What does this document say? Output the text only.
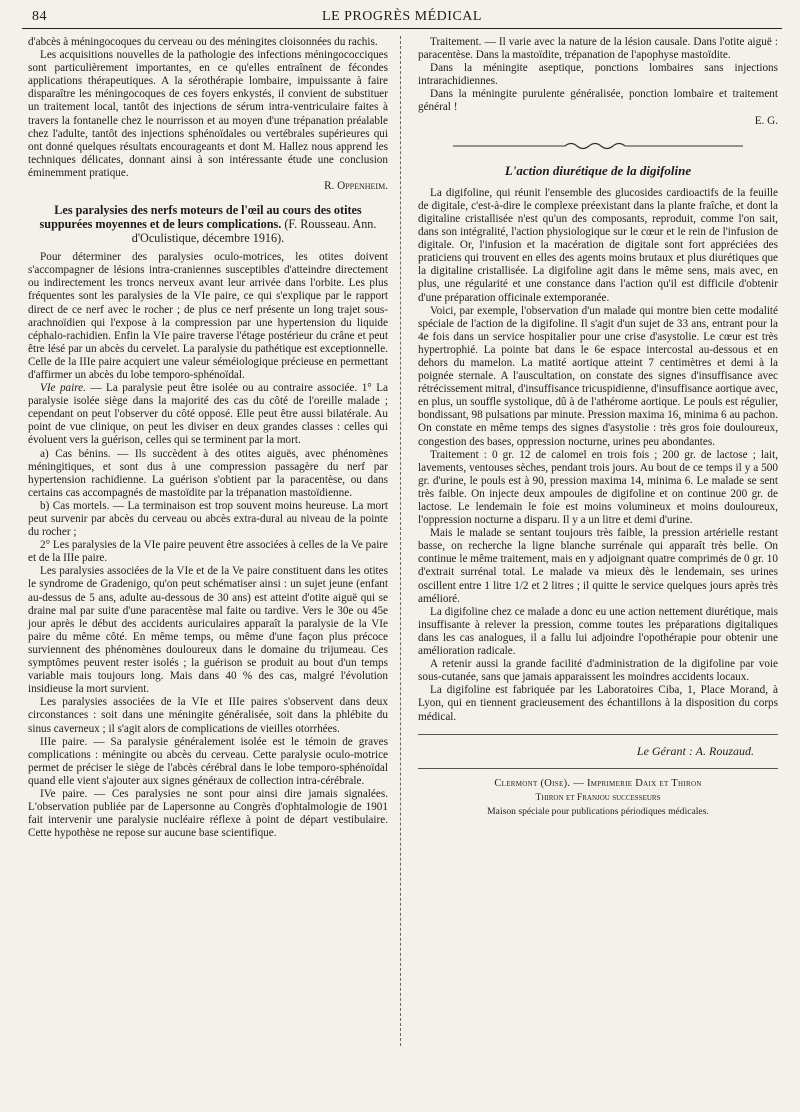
84	LE PROGRÈS MÉDICAL

d'abcès à méningocoques du cerveau ou des méningites cloisonnées du rachis.

Les acquisitions nouvelles de la pathologie des infections méningococciques sont particulièrement importantes, en ce qu'elles entraînent de fécondes applications thérapeutiques. A la sérothérapie lombaire, impuissante à faire disparaître les méningocoques de ces foyers enkystés, il convient de substituer un traitement local, tantôt des injections de sérum intra-ventriculaire faites à travers la fontanelle chez le nourrisson et au moyen d'une trépanation préalable chez l'adulte, tantôt des injections sphénoïdales ou vertébrales supérieures qui ont donné quelques résultats encourageants et dont M. Hallez nous apprend les techniques délicates, donnant ainsi à son intéressante étude une conclusion éminemment pratique.

R. Oppenheim.
Les paralysies des nerfs moteurs de l'œil au cours des otites suppurées moyennes et de leurs complications. (F. Rousseau. Ann. d'Oculistique, décembre 1916).

Pour déterminer des paralysies oculo-motrices, les otites doivent s'accompagner de lésions intra-craniennes susceptibles d'atteindre directement ou indirectement les troncs nerveux avant leur arrivée dans l'orbite. Les plus fréquentes sont les paralysies de la VIe paire, ce qui s'explique par le rapport direct de ce nerf avec le rocher ; de plus ce nerf présente un long trajet sous-arachnoïdien qui l'expose à la compression par une hypertension du liquide céphalo-rachidien. Enfin la VIe paire traverse l'étage postérieur du crâne et peut être lésé par un abcès du cervelet. La paralysie du pathétique est exceptionnelle. Celle de la IIIe paire acquiert une valeur séméiologique précieuse en permettant d'affirmer un abcès du lobe temporo-sphénoïdal.

VIe paire. — La paralysie peut être isolée ou au contraire associée. 1° La paralysie isolée siège dans la majorité des cas du côté de l'oreille malade ; cependant on peut l'observer du côté opposé. Elle peut être aussi bilatérale. Au point de vue clinique, on peut les diviser en deux grandes classes : celles qui évoluent vers la guérison, celles qui se terminent par la mort.

a) Cas bénins. — Ils succèdent à des otites aiguës, avec phénomènes méningitiques, et sont dus à une compression passagère du nerf par hypertension rachidienne. La guérison s'obtient par la paracentèse, ou dans certains cas accompagnés de mastoïdite par la trépanation mastoïdienne.

b) Cas mortels. — La terminaison est trop souvent moins heureuse. La mort peut survenir par abcès du cerveau ou abcès extra-dural au niveau de la pointe du rocher ;

2° Les paralysies de la VIe paire peuvent être associées à celles de la Ve paire et de la IIIe paire.

Les paralysies associées de la VIe et de la Ve paire constituent dans les otites le syndrome de Gradenigo, qu'on peut schématiser ainsi : un sujet jeune (enfant au-dessus de 5 ans, adulte au-dessous de 30 ans) est atteint d'otite aiguë qui se draine mal par suite d'une paracentèse mal faite ou tardive. Vers le 30e ou 45e jour après le début des accidents auriculaires apparaît la paralysie de la VIe paire du même côté. En même temps, ou même d'une façon plus précoce surviennent des phénomènes douloureux dans le domaine du trijumeau. Ces symptômes peuvent rester isolés ; la guérison se produit au bout d'un temps variable mais toujours long. Mais dans 40 % des cas, malgré l'évolution insidieuse la mort survient.

Les paralysies associées de la VIe et IIIe paires s'observent dans deux circonstances : soit dans une méningite généralisée, soit dans la phlébite du sinus caverneux ; il s'agit alors de complications de vieilles otorrhées.

IIIe paire. — Sa paralysie généralement isolée est le témoin de graves complications : méningite ou abcès du cerveau. Cette paralysie oculo-motrice permet de préciser le siège de l'abcès cérébral dans le lobe temporo-sphénoïdal quand elle vient s'ajouter aux signes généraux de collection intra-cérébrale.

IVe paire. — Ces paralysies ne sont pour ainsi dire jamais signalées. L'observation publiée par de Lapersonne au Congrès d'ophtalmologie de 1901 fait intervenir une paralysie nucléaire réflexe à point de départ vestibulaire. Cette hypothèse ne repose sur aucune base scientifique.

Traitement. — Il varie avec la nature de la lésion causale. Dans l'otite aiguë : paracentèse. Dans la mastoïdite, trépanation de l'apophyse mastoïdite.

Dans la méningite aseptique, ponctions lombaires sans injections intrarachidiennes.

Dans la méningite purulente généralisée, ponction lombaire et traitement général !

E. G.
L'action diurétique de la digifoline

La digifoline, qui réunit l'ensemble des glucosides cardioactifs de la feuille de digitale, c'est-à-dire le complexe préexistant dans la plante fraîche, et dont la digitaline cristallisée n'est qu'un des composants, reproduit, comme l'on sait, dans son intégralité, l'action physiologique sur le cœur et le rein de l'infusion de digitale. Or, l'infusion et la macération de digitale sont fort appréciées des praticiens qui trouvent en elles des agents moins brutaux et plus diurétiques que la digitaline cristallisée. La digifoline agit dans le même sens, mais avec, en plus, une régularité et une constance dans l'action qu'il est difficile d'obtenir d'une préparation officinale extemporanée.

Voici, par exemple, l'observation d'un malade qui montre bien cette modalité spéciale de l'action de la digifoline. Il s'agit d'un sujet de 33 ans, entrant pour la 4e fois dans un service hospitalier pour une crise d'asystolie. Le cœur est très hypertrophié. La pointe bat dans le 6e espace intercostal au-dessous et en dehors du mamelon. La matité aortique atteint 7 centimètres et demi à la poignée sternale. A l'auscultation, on constate des signes d'insuffisance avec rétrécissement mitral, d'insuffisance tricuspidienne, d'insuffisance aortique avec, en plus, un souffle systolique, dû à de l'athérome aortique. Le pouls est régulier, bondissant, 98 pulsations par minute. Pression maxima 16, minima 6 au pachon. On constate en même temps des signes d'asystolie : très gros foie douloureux, congestion des bases, oppression nocturne, urines peu abondantes.

Traitement : 0 gr. 12 de calomel en trois fois ; 200 gr. de lactose ; lait, lavements, ventouses sèches, pendant trois jours. Au bout de ce temps il y a 500 gr. d'urine, le pouls est à 90, pression maxima 14, minima 6. Le malade se sent très faible. On injecte deux ampoules de digifoline et on continue 200 gr. de lactose. Le lendemain le foie est moins volumineux et moins douloureux, l'oppression nocturne a disparu. Il y a un litre et demi d'urine.

Mais le malade se sentant toujours très faible, la pression artérielle restant basse, on recherche la ligne blanche surrénale qui apparaît très belle. On continue le même traitement, mais en y adjoignant quatre comprimés de 0 gr. 10 d'extrait surrénal total. Le malade va mieux dès le lendemain, ses urines oscillent entre 1 litre 1/2 et 2 litres ; il quitte le service quelques jours après très amélioré.

La digifoline chez ce malade a donc eu une action nettement diurétique, mais insuffisante à relever la pression, comme toutes les préparations digitaliques dans les cas analogues, il a fallu lui adjoindre l'opothérapie pour obtenir une amélioration radicale.

A retenir aussi la grande facilité d'administration de la digifoline par voie sous-cutanée, sans que jamais apparaissent les moindres accidents locaux.

La digifoline est fabriquée par les Laboratoires Ciba, 1, Place Morand, à Lyon, qui en tiennent gracieusement des échantillons à la disposition du corps médical.

Le Gérant : A. Rouzaud.
Clermont (Oise). — Imprimerie Daix et Thiron
Thiron et Franjou successeurs
Maison spéciale pour publications périodiques médicales.
